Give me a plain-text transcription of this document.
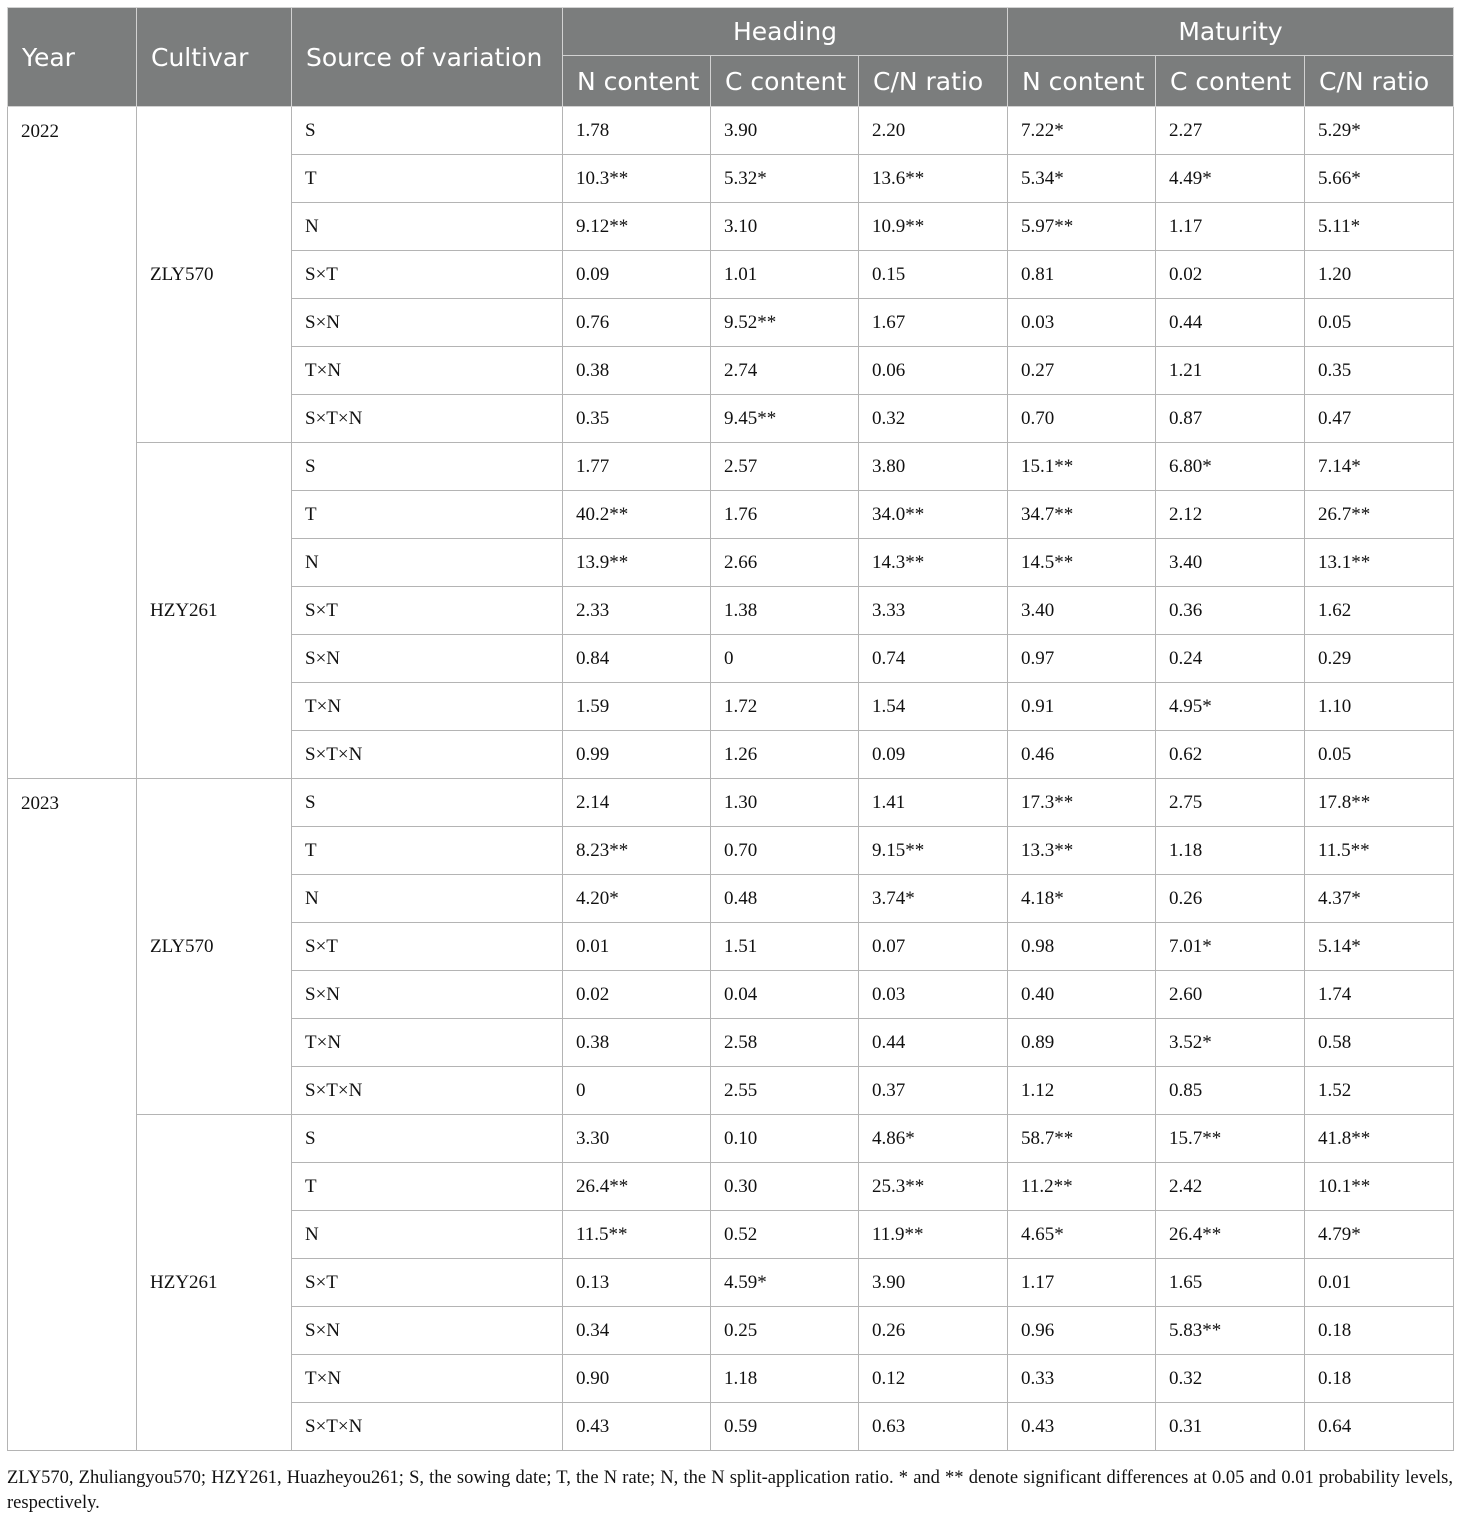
Year	Cultivar	Source of variation	Heading			Maturity		
			N content	C content	C/N ratio	N content	C content	C/N ratio
2022	ZLY570	S	1.78	3.90	2.20	7.22*	2.27	5.29*
		T	10.3**	5.32*	13.6**	5.34*	4.49*	5.66*
		N	9.12**	3.10	10.9**	5.97**	1.17	5.11*
		S×T	0.09	1.01	0.15	0.81	0.02	1.20
		S×N	0.76	9.52**	1.67	0.03	0.44	0.05
		T×N	0.38	2.74	0.06	0.27	1.21	0.35
		S×T×N	0.35	9.45**	0.32	0.70	0.87	0.47
	HZY261	S	1.77	2.57	3.80	15.1**	6.80*	7.14*
		T	40.2**	1.76	34.0**	34.7**	2.12	26.7**
		N	13.9**	2.66	14.3**	14.5**	3.40	13.1**
		S×T	2.33	1.38	3.33	3.40	0.36	1.62
		S×N	0.84	0	0.74	0.97	0.24	0.29
		T×N	1.59	1.72	1.54	0.91	4.95*	1.10
		S×T×N	0.99	1.26	0.09	0.46	0.62	0.05
2023	ZLY570	S	2.14	1.30	1.41	17.3**	2.75	17.8**
		T	8.23**	0.70	9.15**	13.3**	1.18	11.5**
		N	4.20*	0.48	3.74*	4.18*	0.26	4.37*
		S×T	0.01	1.51	0.07	0.98	7.01*	5.14*
		S×N	0.02	0.04	0.03	0.40	2.60	1.74
		T×N	0.38	2.58	0.44	0.89	3.52*	0.58
		S×T×N	0	2.55	0.37	1.12	0.85	1.52
	HZY261	S	3.30	0.10	4.86*	58.7**	15.7**	41.8**
		T	26.4**	0.30	25.3**	11.2**	2.42	10.1**
		N	11.5**	0.52	11.9**	4.65*	26.4**	4.79*
		S×T	0.13	4.59*	3.90	1.17	1.65	0.01
		S×N	0.34	0.25	0.26	0.96	5.83**	0.18
		T×N	0.90	1.18	0.12	0.33	0.32	0.18
		S×T×N	0.43	0.59	0.63	0.43	0.31	0.64
ZLY570, Zhuliangyou570; HZY261, Huazheyou261; S, the sowing date; T, the N rate; N, the N split-application ratio. * and ** denote significant differences at 0.05 and 0.01 probability levels, respectively.
